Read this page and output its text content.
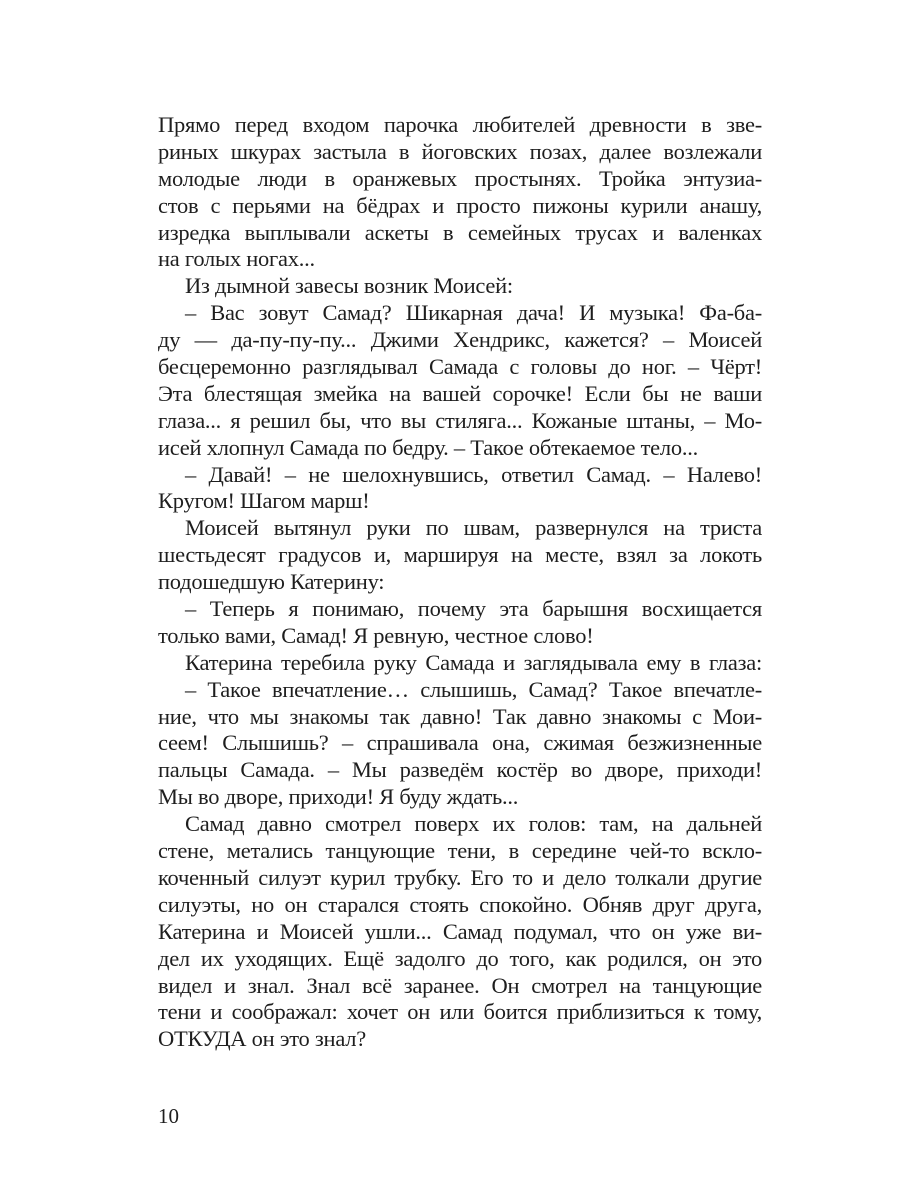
Прямо перед входом парочка любителей древности в зве-
риных шкурах застыла в йоговских позах, далее возлежали
молодые люди в оранжевых простынях. Тройка энтузиа-
стов с перьями на бёдрах и просто пижоны курили анашу,
изредка выплывали аскеты в семейных трусах и валенках
на голых ногах...
Из дымной завесы возник Моисей:
– Вас зовут Самад? Шикарная дача! И музыка! Фа-ба-
ду — да-пу-пу-пу... Джими Хендрикс, кажется? – Моисей
бесцеремонно разглядывал Самада с головы до ног. – Чёрт!
Эта блестящая змейка на вашей сорочке! Если бы не ваши
глаза... я решил бы, что вы стиляга... Кожаные штаны, – Мо-
исей хлопнул Самада по бедру. – Такое обтекаемое тело...
– Давай! – не шелохнувшись, ответил Самад. – Налево!
Кругом! Шагом марш!
Моисей вытянул руки по швам, развернулся на триста
шестьдесят градусов и, маршируя на месте, взял за локоть
подошедшую Катерину:
– Теперь я понимаю, почему эта барышня восхищается
только вами, Самад! Я ревную, честное слово!
Катерина теребила руку Самада и заглядывала ему в глаза:
– Такое впечатление… слышишь, Самад? Такое впечатле-
ние, что мы знакомы так давно! Так давно знакомы с Мои-
сеем! Слышишь? – спрашивала она, сжимая безжизненные
пальцы Самада. – Мы разведём костёр во дворе, приходи!
Мы во дворе, приходи! Я буду ждать...
Самад давно смотрел поверх их голов: там, на дальней
стене, метались танцующие тени, в середине чей-то вскло-
коченный силуэт курил трубку. Его то и дело толкали другие
силуэты, но он старался стоять спокойно. Обняв друг друга,
Катерина и Моисей ушли... Самад подумал, что он уже ви-
дел их уходящих. Ещё задолго до того, как родился, он это
видел и знал. Знал всё заранее. Он смотрел на танцующие
тени и соображал: хочет он или боится приблизиться к тому,
ОТКУДА он это знал?
10
